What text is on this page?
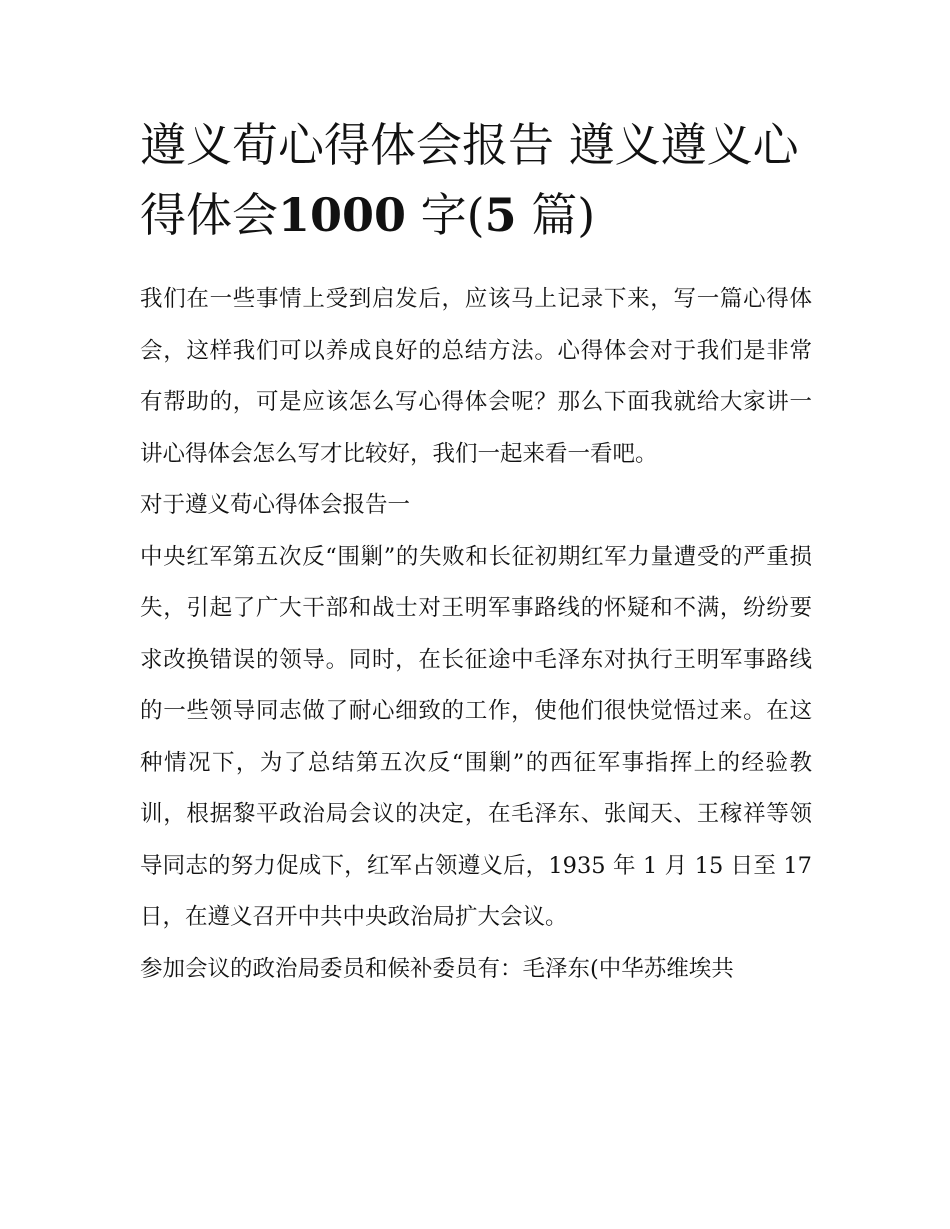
遵义荀心得体会报告 遵义遵义心得体会1000 字(5 篇)

我们在一些事情上受到启发后，应该马上记录下来，写一篇心得体会，这样我们可以养成良好的总结方法。心得体会对于我们是非常有帮助的，可是应该怎么写心得体会呢？那么下面我就给大家讲一讲心得体会怎么写才比较好，我们一起来看一看吧。

对于遵义荀心得体会报告一

中央红军第五次反“围剿”的失败和长征初期红军力量遭受的严重损失，引起了广大干部和战士对王明军事路线的怀疑和不满，纷纷要求改换错误的领导。同时，在长征途中毛泽东对执行王明军事路线的一些领导同志做了耐心细致的工作，使他们很快觉悟过来。在这种情况下，为了总结第五次反“围剿”的西征军事指挥上的经验教训，根据黎平政治局会议的决定，在毛泽东、张闻天、王稼祥等领导同志的努力促成下，红军占领遵义后，1935 年 1 月 15 日至 17 日，在遵义召开中共中央政治局扩大会议。

参加会议的政治局委员和候补委员有：毛泽东(中华苏维埃共
